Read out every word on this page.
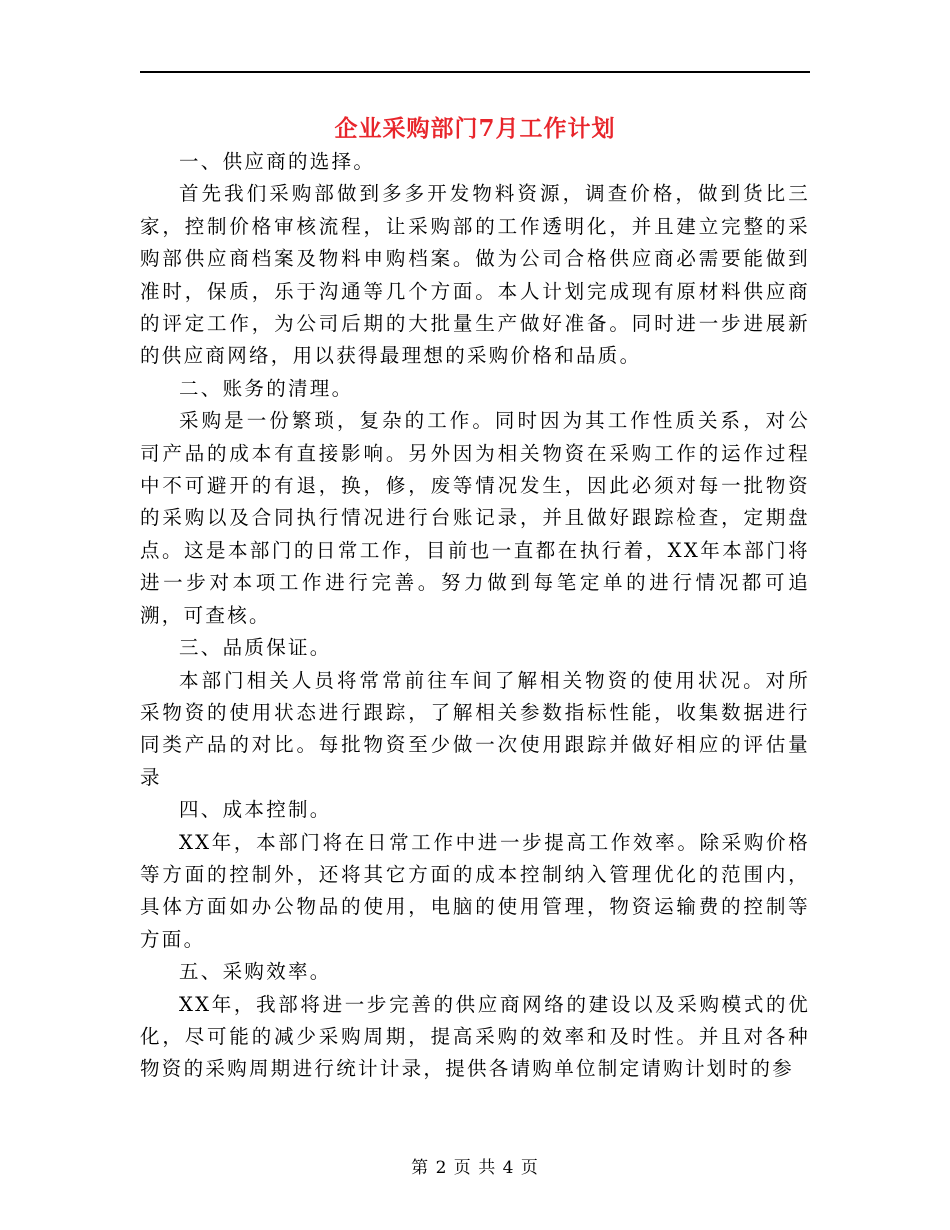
企业采购部门7月工作计划

一、供应商的选择。

首先我们采购部做到多多开发物料资源，调查价格，做到货比三家，控制价格审核流程，让采购部的工作透明化，并且建立完整的采购部供应商档案及物料申购档案。做为公司合格供应商必需要能做到准时，保质，乐于沟通等几个方面。本人计划完成现有原材料供应商的评定工作，为公司后期的大批量生产做好准备。同时进一步进展新的供应商网络，用以获得最理想的采购价格和品质。

二、账务的清理。

采购是一份繁琐，复杂的工作。同时因为其工作性质关系，对公司产品的成本有直接影响。另外因为相关物资在采购工作的运作过程中不可避开的有退，换，修，废等情况发生，因此必须对每一批物资的采购以及合同执行情况进行台账记录，并且做好跟踪检查，定期盘点。这是本部门的日常工作，目前也一直都在执行着，XX年本部门将进一步对本项工作进行完善。努力做到每笔定单的进行情况都可追溯，可查核。

三、品质保证。

本部门相关人员将常常前往车间了解相关物资的使用状况。对所采物资的使用状态进行跟踪，了解相关参数指标性能，收集数据进行同类产品的对比。每批物资至少做一次使用跟踪并做好相应的评估量录

四、成本控制。

XX年，本部门将在日常工作中进一步提高工作效率。除采购价格等方面的控制外，还将其它方面的成本控制纳入管理优化的范围内，具体方面如办公物品的使用，电脑的使用管理，物资运输费的控制等方面。

五、采购效率。

XX年，我部将进一步完善的供应商网络的建设以及采购模式的优化，尽可能的减少采购周期，提高采购的效率和及时性。并且对各种物资的采购周期进行统计计录，提供各请购单位制定请购计划时的参

第 2 页 共 4 页
